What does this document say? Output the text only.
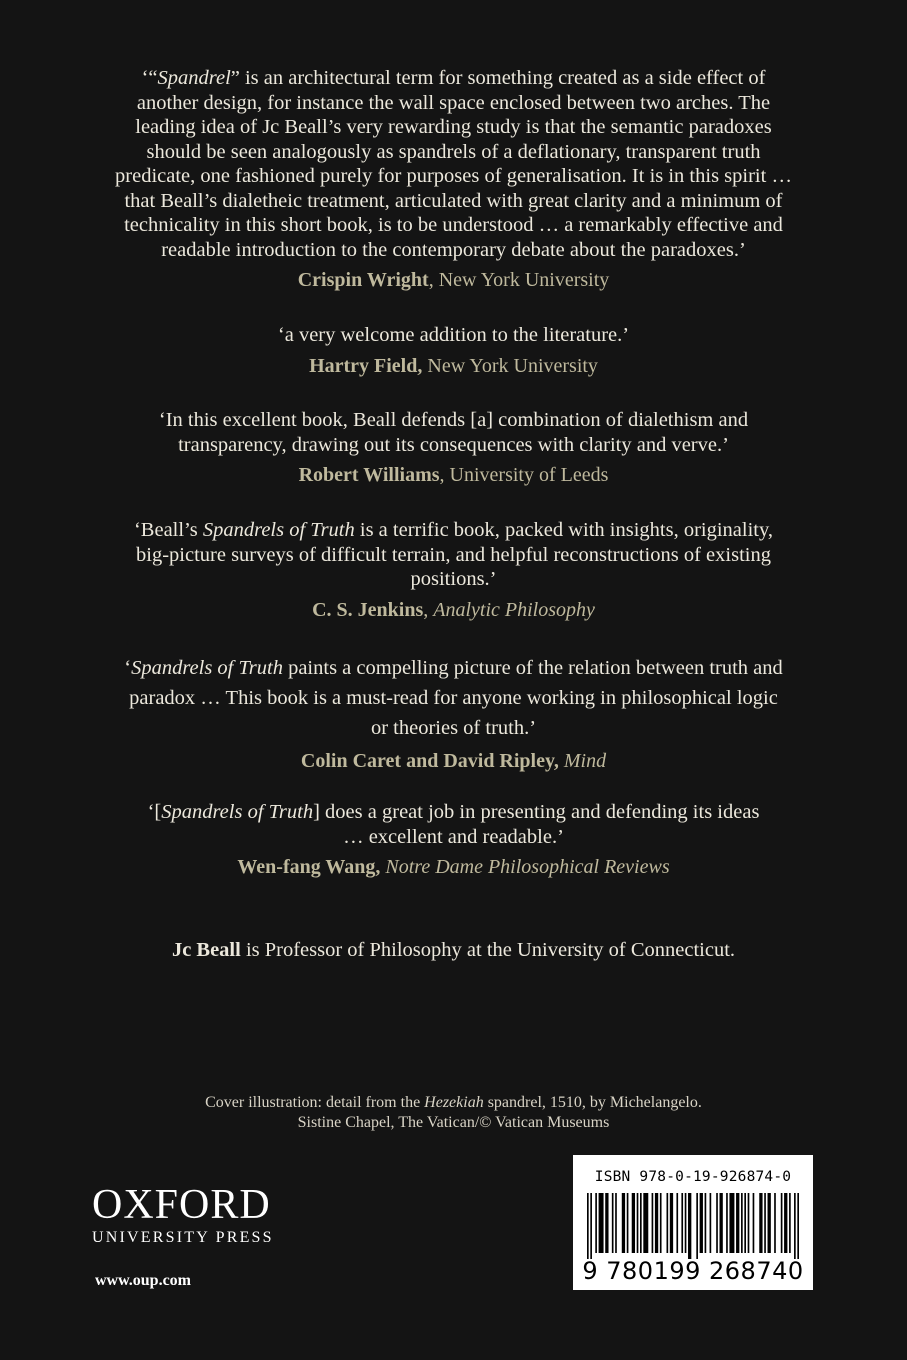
‘“Spandrel” is an architectural term for something created as a side effect of
another design, for instance the wall space enclosed between two arches. The
leading idea of Jc Beall’s very rewarding study is that the semantic paradoxes
should be seen analogously as spandrels of a deflationary, transparent truth
predicate, one fashioned purely for purposes of generalisation. It is in this spirit …
that Beall’s dialetheic treatment, articulated with great clarity and a minimum of
technicality in this short book, is to be understood … a remarkably effective and
readable introduction to the contemporary debate about the paradoxes.’

Crispin Wright, New York University

‘a very welcome addition to the literature.’

Hartry Field, New York University

‘In this excellent book, Beall defends [a] combination of dialethism and
transparency, drawing out its consequences with clarity and verve.’

Robert Williams, University of Leeds

‘Beall’s Spandrels of Truth is a terrific book, packed with insights, originality,
big-picture surveys of difficult terrain, and helpful reconstructions of existing
positions.’

C. S. Jenkins, Analytic Philosophy

‘Spandrels of Truth paints a compelling picture of the relation between truth and
paradox … This book is a must-read for anyone working in philosophical logic
or theories of truth.’

Colin Caret and David Ripley, Mind

‘[Spandrels of Truth] does a great job in presenting and defending its ideas
… excellent and readable.’

Wen-fang Wang, Notre Dame Philosophical Reviews
Jc Beall is Professor of Philosophy at the University of Connecticut.
Cover illustration: detail from the Hezekiah spandrel, 1510, by Michelangelo.
Sistine Chapel, The Vatican/© Vatican Museums
OXFORD
UNIVERSITY PRESS
www.oup.com
ISBN 978-0-19-926874-0
9 780199 268740
